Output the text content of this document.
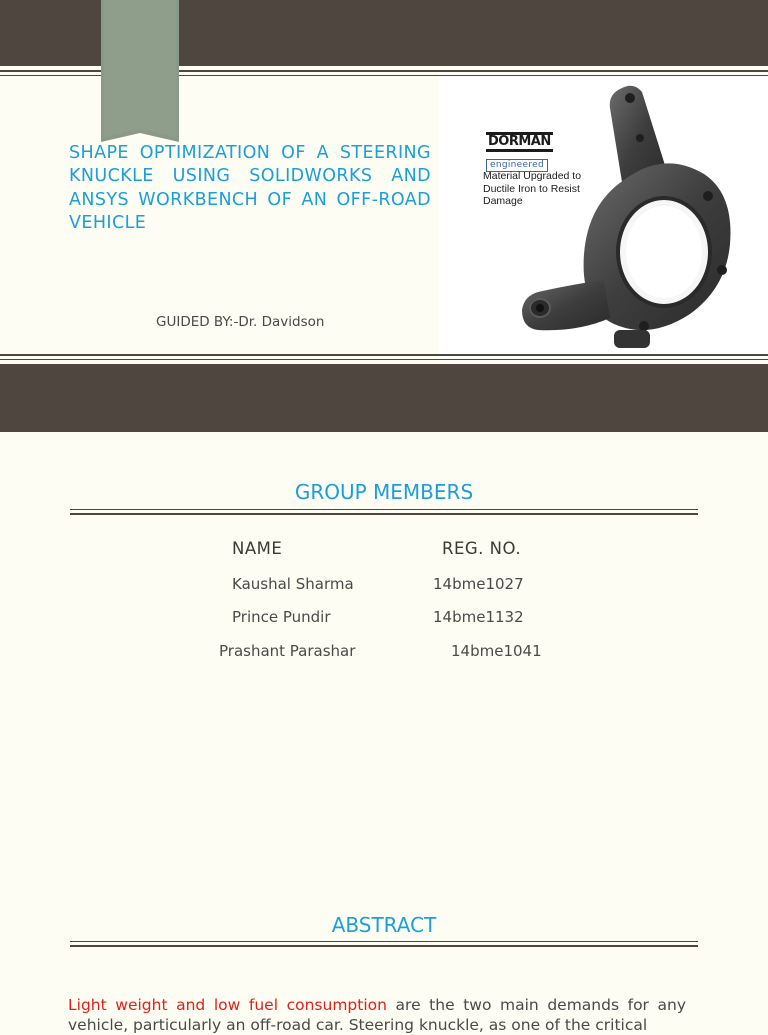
SHAPE OPTIMIZATION OF A STEERING KNUCKLE USING SOLIDWORKS AND ANSYS WORKBENCH OF AN OFF-ROAD VEHICLE
GUIDED BY:-Dr. Davidson
DORMAN
engineered
Material Upgraded to Ductile Iron to Resist Damage
GROUP MEMBERS
NAME	REG. NO.
Kaushal Sharma	14bme1027
Prince Pundir	14bme1132
Prashant Parashar	14bme1041
ABSTRACT

Light weight and low fuel consumption are the two main demands for any vehicle, particularly an off-road car. Steering knuckle, as one of the critical
